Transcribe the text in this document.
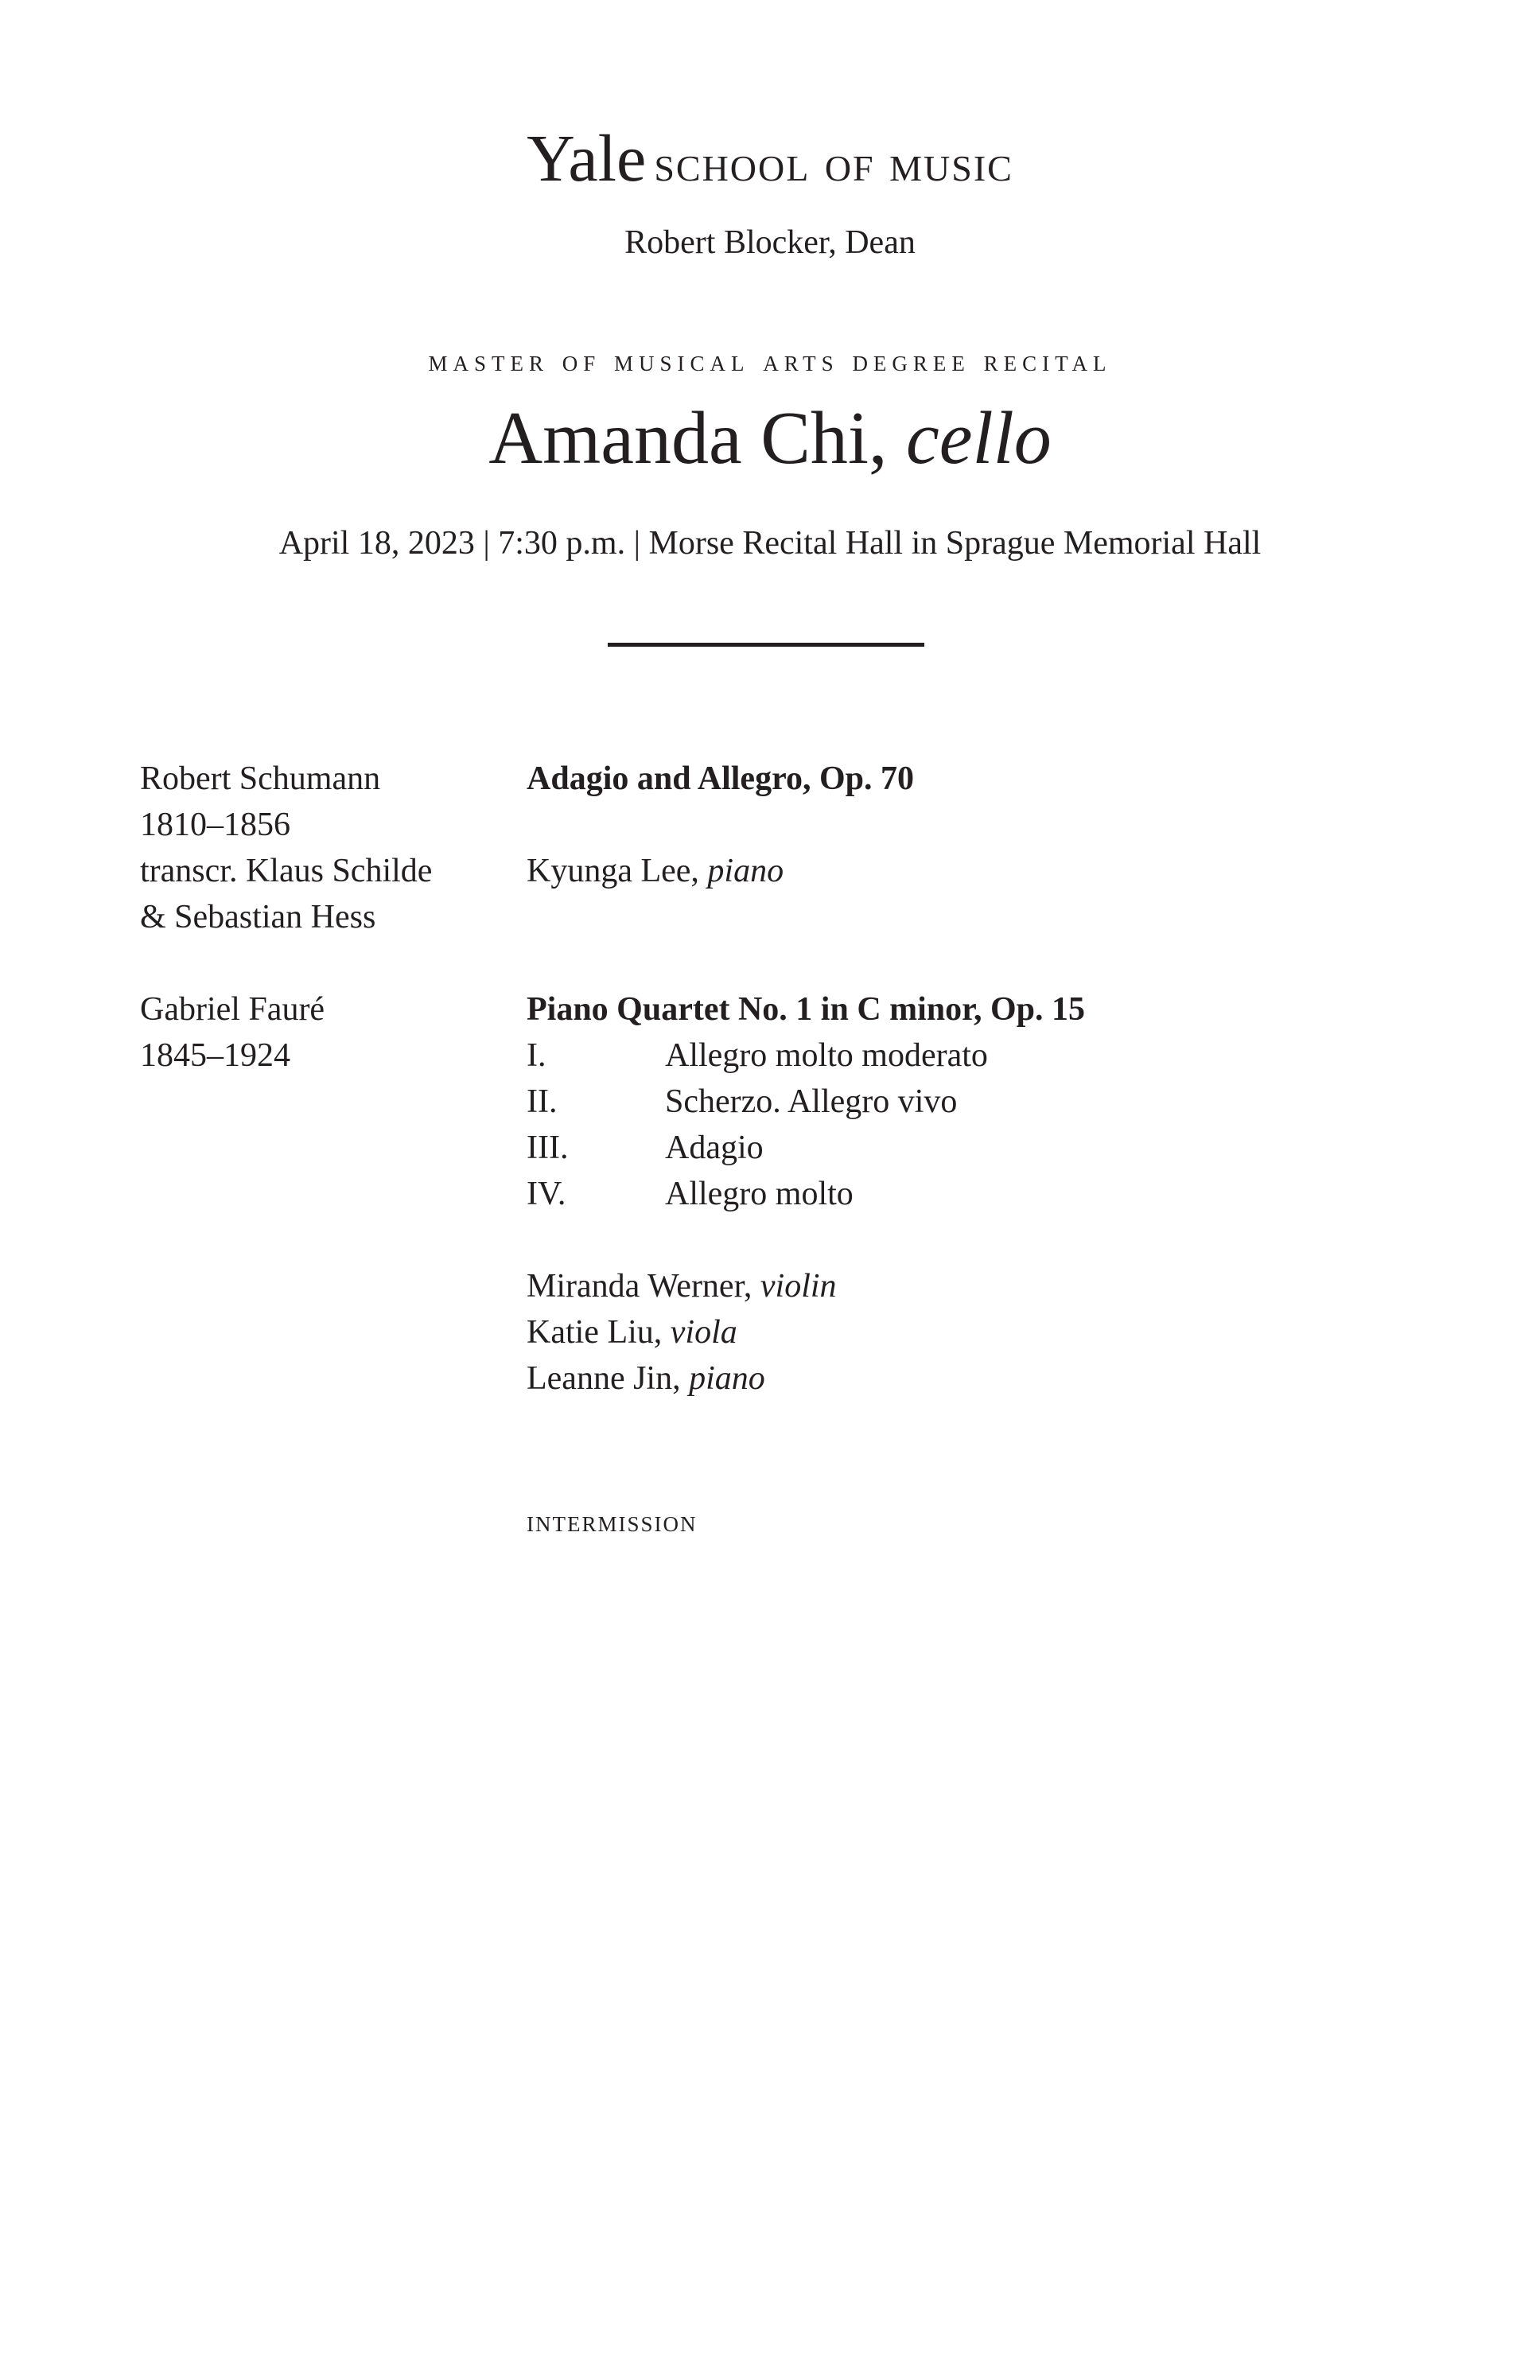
Yale school of music
Robert Blocker, Dean
master of musical arts degree recital
Amanda Chi, cello
April 18, 2023 | 7:30 p.m. | Morse Recital Hall in Sprague Memorial Hall
Robert Schumann
1810–1856
transcr. Klaus Schilde
& Sebastian Hess
Adagio and Allegro, Op. 70
Kyunga Lee, piano
Gabriel Fauré
1845–1924
Piano Quartet No. 1 in C minor, Op. 15
I.	Allegro molto moderato
II.	Scherzo. Allegro vivo
III.	Adagio
IV.	Allegro molto
Miranda Werner, violin
Katie Liu, viola
Leanne Jin, piano
intermission
